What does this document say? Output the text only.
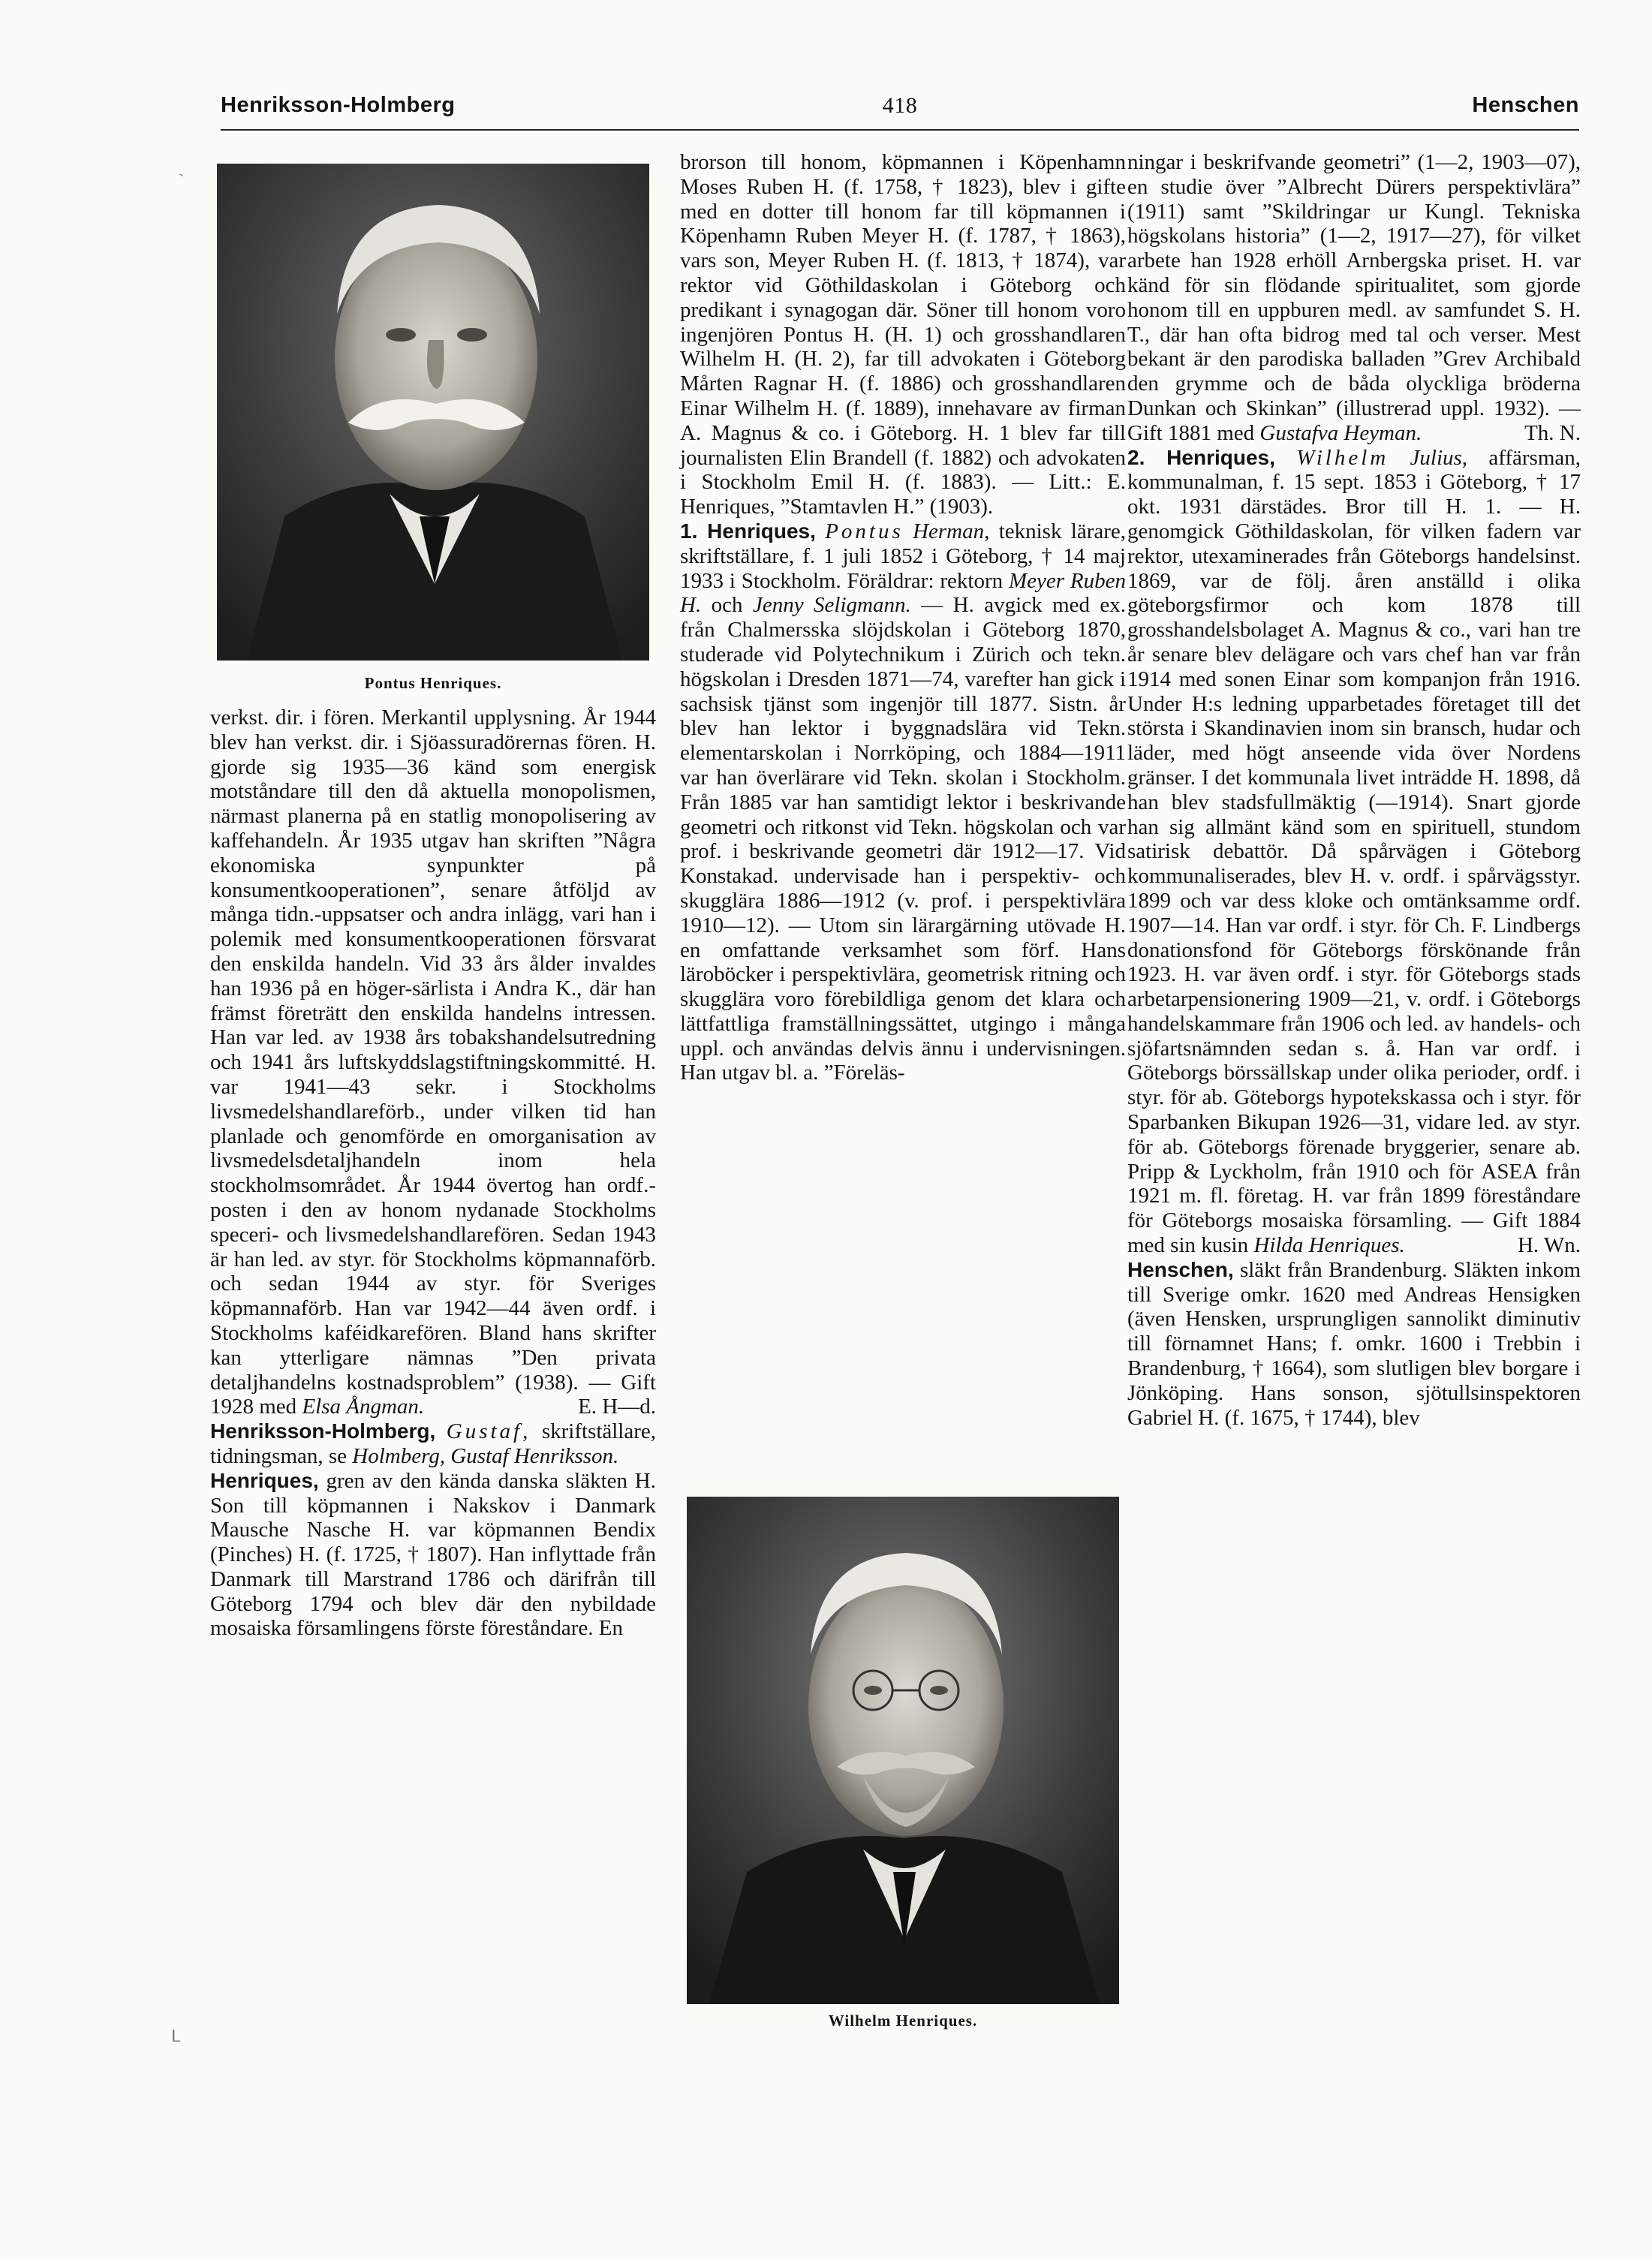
Henriksson-Holmberg	418	Henschen
ˎ
ᒪ
Pontus Henriques.
Wilhelm Henriques.
verkst. dir. i fören. Merkantil upplysning. År 1944 blev han verkst. dir. i Sjöassuradörernas fören. H. gjorde sig 1935—36 känd som energisk motståndare till den då aktuella monopolismen, närmast planerna på en statlig monopolisering av kaffehandeln. År 1935 utgav han skriften ”Några ekonomiska synpunkter på konsumentkooperationen”, senare åtföljd av många tidn.-uppsatser och andra inlägg, vari han i polemik med konsumentkooperationen försvarat den enskilda handeln. Vid 33 års ålder invaldes han 1936 på en höger-särlista i Andra K., där han främst företrätt den enskilda handelns intressen. Han var led. av 1938 års tobakshandelsutredning och 1941 års luftskyddslagstiftningskommitté. H. var 1941—43 sekr. i Stockholms livsmedelshandlareförb., under vilken tid han planlade och genomförde en omorganisation av livsmedelsdetaljhandeln inom hela stockholmsområdet. År 1944 övertog han ordf.-posten i den av honom nydanade Stockholms speceri- och livsmedelshandlarefören. Sedan 1943 är han led. av styr. för Stockholms köpmannaförb. och sedan 1944 av styr. för Sveriges köpmannaförb. Han var 1942—44 även ordf. i Stockholms kaféidkarefören. Bland hans skrifter kan ytterligare nämnas ”Den privata detaljhandelns kostnadsproblem” (1938). — Gift 1928 med Elsa Ångman.	E. H—d.
Henriksson-Holmberg, Gustaf, skriftställare, tidningsman, se Holmberg, Gustaf Henriksson.
Henriques, gren av den kända danska släkten H. Son till köpmannen i Nakskov i Danmark Mausche Nasche H. var köpmannen Bendix (Pinches) H. (f. 1725, † 1807). Han inflyttade från Danmark till Marstrand 1786 och därifrån till Göteborg 1794 och blev där den nybildade mosaiska församlingens förste föreståndare. En
brorson till honom, köpmannen i Köpenhamn Moses Ruben H. (f. 1758, † 1823), blev i gifte med en dotter till honom far till köpmannen i Köpenhamn Ruben Meyer H. (f. 1787, † 1863), vars son, Meyer Ruben H. (f. 1813, † 1874), var rektor vid Göthildaskolan i Göteborg och predikant i synagogan där. Söner till honom voro ingenjören Pontus H. (H. 1) och grosshandlaren Wilhelm H. (H. 2), far till advokaten i Göteborg Mårten Ragnar H. (f. 1886) och grosshandlaren Einar Wilhelm H. (f. 1889), innehavare av firman A. Magnus & co. i Göteborg. H. 1 blev far till journalisten Elin Brandell (f. 1882) och advokaten i Stockholm Emil H. (f. 1883). — Litt.: E. Henriques, ”Stamtavlen H.” (1903).
1. Henriques, Pontus Herman, teknisk lärare, skriftställare, f. 1 juli 1852 i Göteborg, † 14 maj 1933 i Stockholm. Föräldrar: rektorn Meyer Ruben H. och Jenny Seligmann. — H. avgick med ex. från Chalmersska slöjdskolan i Göteborg 1870, studerade vid Polytechnikum i Zürich och tekn. högskolan i Dresden 1871—74, varefter han gick i sachsisk tjänst som ingenjör till 1877. Sistn. år blev han lektor i byggnadslära vid Tekn. elementarskolan i Norrköping, och 1884—1911 var han överlärare vid Tekn. skolan i Stockholm. Från 1885 var han samtidigt lektor i beskrivande geometri och ritkonst vid Tekn. högskolan och var prof. i beskrivande geometri där 1912—17. Vid Konstakad. undervisade han i perspektiv- och skugglära 1886—1912 (v. prof. i perspektivlära 1910—12). — Utom sin lärargärning utövade H. en omfattande verksamhet som förf. Hans läroböcker i perspektivlära, geometrisk ritning och skugglära voro förebildliga genom det klara och lättfattliga framställningssättet, utgingo i många uppl. och användas delvis ännu i undervisningen. Han utgav bl. a. ”Föreläs-
ningar i beskrifvande geometri” (1—2, 1903—07), en studie över ”Albrecht Dürers perspektivlära” (1911) samt ”Skildringar ur Kungl. Tekniska högskolans historia” (1—2, 1917—27), för vilket arbete han 1928 erhöll Arnbergska priset. H. var känd för sin flödande spiritualitet, som gjorde honom till en uppburen medl. av samfundet S. H. T., där han ofta bidrog med tal och verser. Mest bekant är den parodiska balladen ”Grev Archibald den grymme och de båda olyckliga bröderna Dunkan och Skinkan” (illustrerad uppl. 1932). — Gift 1881 med Gustafva Heyman.	Th. N.
2. Henriques, Wilhelm Julius, affärsman, kommunalman, f. 15 sept. 1853 i Göteborg, † 17 okt. 1931 därstädes. Bror till H. 1. — H. genomgick Göthildaskolan, för vilken fadern var rektor, utexaminerades från Göteborgs handelsinst. 1869, var de följ. åren anställd i olika göteborgsfirmor och kom 1878 till grosshandelsbolaget A. Magnus & co., vari han tre år senare blev delägare och vars chef han var från 1914 med sonen Einar som kompanjon från 1916. Under H:s ledning upparbetades företaget till det största i Skandinavien inom sin bransch, hudar och läder, med högt anseende vida över Nordens gränser. I det kommunala livet inträdde H. 1898, då han blev stadsfullmäktig (—1914). Snart gjorde han sig allmänt känd som en spirituell, stundom satirisk debattör. Då spårvägen i Göteborg kommunaliserades, blev H. v. ordf. i spårvägsstyr. 1899 och var dess kloke och omtänksamme ordf. 1907—14. Han var ordf. i styr. för Ch. F. Lindbergs donationsfond för Göteborgs förskönande från 1923. H. var även ordf. i styr. för Göteborgs stads arbetarpensionering 1909—21, v. ordf. i Göteborgs handelskammare från 1906 och led. av handels- och sjöfartsnämnden sedan s. å. Han var ordf. i Göteborgs börssällskap under olika perioder, ordf. i styr. för ab. Göteborgs hypotekskassa och i styr. för Sparbanken Bikupan 1926—31, vidare led. av styr. för ab. Göteborgs förenade bryggerier, senare ab. Pripp & Lyckholm, från 1910 och för ASEA från 1921 m. fl. företag. H. var från 1899 föreståndare för Göteborgs mosaiska församling. — Gift 1884 med sin kusin Hilda Henriques.	H. Wn.
Henschen, släkt från Brandenburg. Släkten inkom till Sverige omkr. 1620 med Andreas Hensigken (även Hensken, ursprungligen sannolikt diminutiv till förnamnet Hans; f. omkr. 1600 i Trebbin i Brandenburg, † 1664), som slutligen blev borgare i Jönköping. Hans sonson, sjötullsinspektoren Gabriel H. (f. 1675, † 1744), blev
